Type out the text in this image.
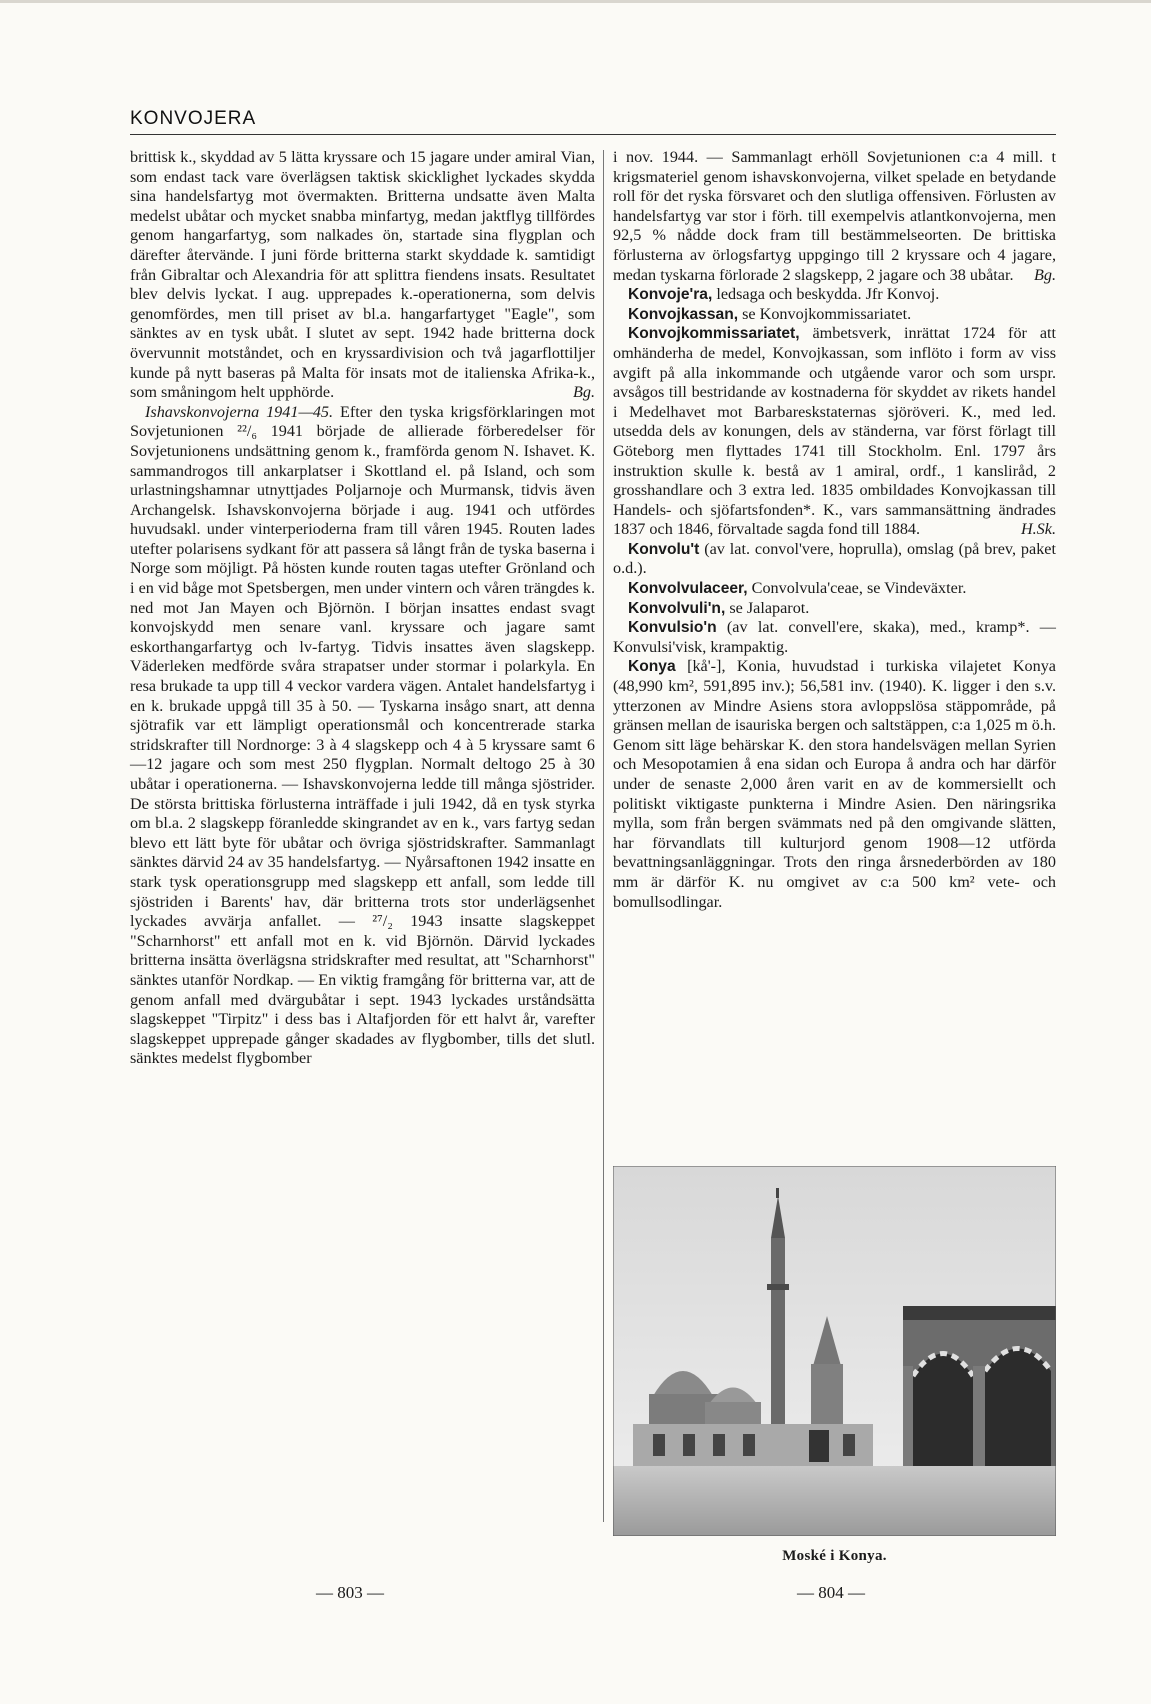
KONVOJERA

brittisk k., skyddad av 5 lätta kryssare och 15 jagare under amiral Vian, som endast tack vare överlägsen taktisk skicklighet lyckades skydda sina handelsfartyg mot övermakten. Britterna undsatte även Malta medelst ubåtar och mycket snabba minfartyg, medan jaktflyg tillfördes genom hangarfartyg, som nalkades ön, startade sina flygplan och därefter återvände. I juni förde britterna starkt skyddade k. samtidigt från Gibraltar och Alexandria för att splittra fiendens insats. Resultatet blev delvis lyckat. I aug. upprepades k.-operationerna, som delvis genomfördes, men till priset av bl.a. hangarfartyget "Eagle", som sänktes av en tysk ubåt. I slutet av sept. 1942 hade britterna dock övervunnit motståndet, och en kryssardivision och två jagarflottiljer kunde på nytt baseras på Malta för insats mot de italienska Afrika-k., som småningom helt upphörde.	Bg.

Ishavskonvojerna 1941—45. Efter den tyska krigsförklaringen mot Sovjetunionen ²²/₆ 1941 började de allierade förberedelser för Sovjetunionens undsättning genom k., framförda genom N. Ishavet. K. sammandrogos till ankarplatser i Skottland el. på Island, och som urlastningshamnar utnyttjades Poljarnoje och Murmansk, tidvis även Archangelsk. Ishavskonvojerna började i aug. 1941 och utfördes huvudsakl. under vinterperioderna fram till våren 1945. Routen lades utefter polarisens sydkant för att passera så långt från de tyska baserna i Norge som möjligt. På hösten kunde routen tagas utefter Grönland och i en vid båge mot Spetsbergen, men under vintern och våren trängdes k. ned mot Jan Mayen och Björnön. I början insattes endast svagt konvojskydd men senare vanl. kryssare och jagare samt eskorthangarfartyg och lv-fartyg. Tidvis insattes även slagskepp. Väderleken medförde svåra strapatser under stormar i polarkyla. En resa brukade ta upp till 4 veckor vardera vägen. Antalet handelsfartyg i en k. brukade uppgå till 35 à 50. — Tyskarna insågo snart, att denna sjötrafik var ett lämpligt operationsmål och koncentrerade starka stridskrafter till Nordnorge: 3 à 4 slagskepp och 4 à 5 kryssare samt 6—12 jagare och som mest 250 flygplan. Normalt deltogo 25 à 30 ubåtar i operationerna. — Ishavskonvojerna ledde till många sjöstrider. De största brittiska förlusterna inträffade i juli 1942, då en tysk styrka om bl.a. 2 slagskepp föranledde skingrandet av en k., vars fartyg sedan blevo ett lätt byte för ubåtar och övriga sjöstridskrafter. Sammanlagt sänktes därvid 24 av 35 handelsfartyg. — Nyårsaftonen 1942 insatte en stark tysk operationsgrupp med slagskepp ett anfall, som ledde till sjöstriden i Barents' hav, där britterna trots stor underlägsenhet lyckades avvärja anfallet. — ²⁷/₂ 1943 insatte slagskeppet "Scharnhorst" ett anfall mot en k. vid Björnön. Därvid lyckades britterna insätta överlägsna stridskrafter med resultat, att "Scharnhorst" sänktes utanför Nordkap. — En viktig framgång för britterna var, att de genom anfall med dvärgubåtar i sept. 1943 lyckades urståndsätta slagskeppet "Tirpitz" i dess bas i Altafjorden för ett halvt år, varefter slagskeppet upprepade gånger skadades av flygbomber, tills det slutl. sänktes medelst flygbomber

i nov. 1944. — Sammanlagt erhöll Sovjetunionen c:a 4 mill. t krigsmateriel genom ishavskonvojerna, vilket spelade en betydande roll för det ryska försvaret och den slutliga offensiven. Förlusten av handelsfartyg var stor i förh. till exempelvis atlantkonvojerna, men 92,5 % nådde dock fram till bestämmelseorten. De brittiska förlusterna av örlogsfartyg uppgingo till 2 kryssare och 4 jagare, medan tyskarna förlorade 2 slagskepp, 2 jagare och 38 ubåtar. Bg.

Konvoje'ra, ledsaga och beskydda. Jfr Konvoj.

Konvojkassan, se Konvojkommissariatet.

Konvojkommissariatet, ämbetsverk, inrättat 1724 för att omhänderha de medel, Konvojkassan, som inflöto i form av viss avgift på alla inkommande och utgående varor och som urspr. avsågos till bestridande av kostnaderna för skyddet av rikets handel i Medelhavet mot Barbareskstaternas sjöröveri. K., med led. utsedda dels av konungen, dels av ständerna, var först förlagt till Göteborg men flyttades 1741 till Stockholm. Enl. 1797 års instruktion skulle k. bestå av 1 amiral, ordf., 1 kansliråd, 2 grosshandlare och 3 extra led. 1835 ombildades Konvojkassan till Handels- och sjöfartsfonden*. K., vars sammansättning ändrades 1837 och 1846, förvaltade sagda fond till 1884.	H.Sk.

Konvolu't (av lat. convol'vere, hoprulla), omslag (på brev, paket o.d.).

Konvolvulaceer, Convolvula'ceae, se Vindeväxter.

Konvolvuli'n, se Jalaparot.

Konvulsio'n (av lat. convell'ere, skaka), med., kramp*. — Konvulsi'visk, krampaktig.

Konya [kå'-], Konia, huvudstad i turkiska vilajetet Konya (48,990 km², 591,895 inv.); 56,581 inv. (1940). K. ligger i den s.v. ytterzonen av Mindre Asiens stora avloppslösa stäppområde, på gränsen mellan de isauriska bergen och saltstäppen, c:a 1,025 m ö.h. Genom sitt läge behärskar K. den stora handelsvägen mellan Syrien och Mesopotamien å ena sidan och Europa å andra och har därför under de senaste 2,000 åren varit en av de kommersiellt och politiskt viktigaste punkterna i Mindre Asien. Den näringsrika mylla, som från bergen svämmats ned på den omgivande slätten, har förvandlats till kulturjord genom 1908—12 utförda bevattningsanläggningar. Trots den ringa årsnederbörden av 180 mm är därför K. nu omgivet av c:a 500 km² vete- och bomullsodlingar.

Moské i Konya.
— 803 —	— 804 —
